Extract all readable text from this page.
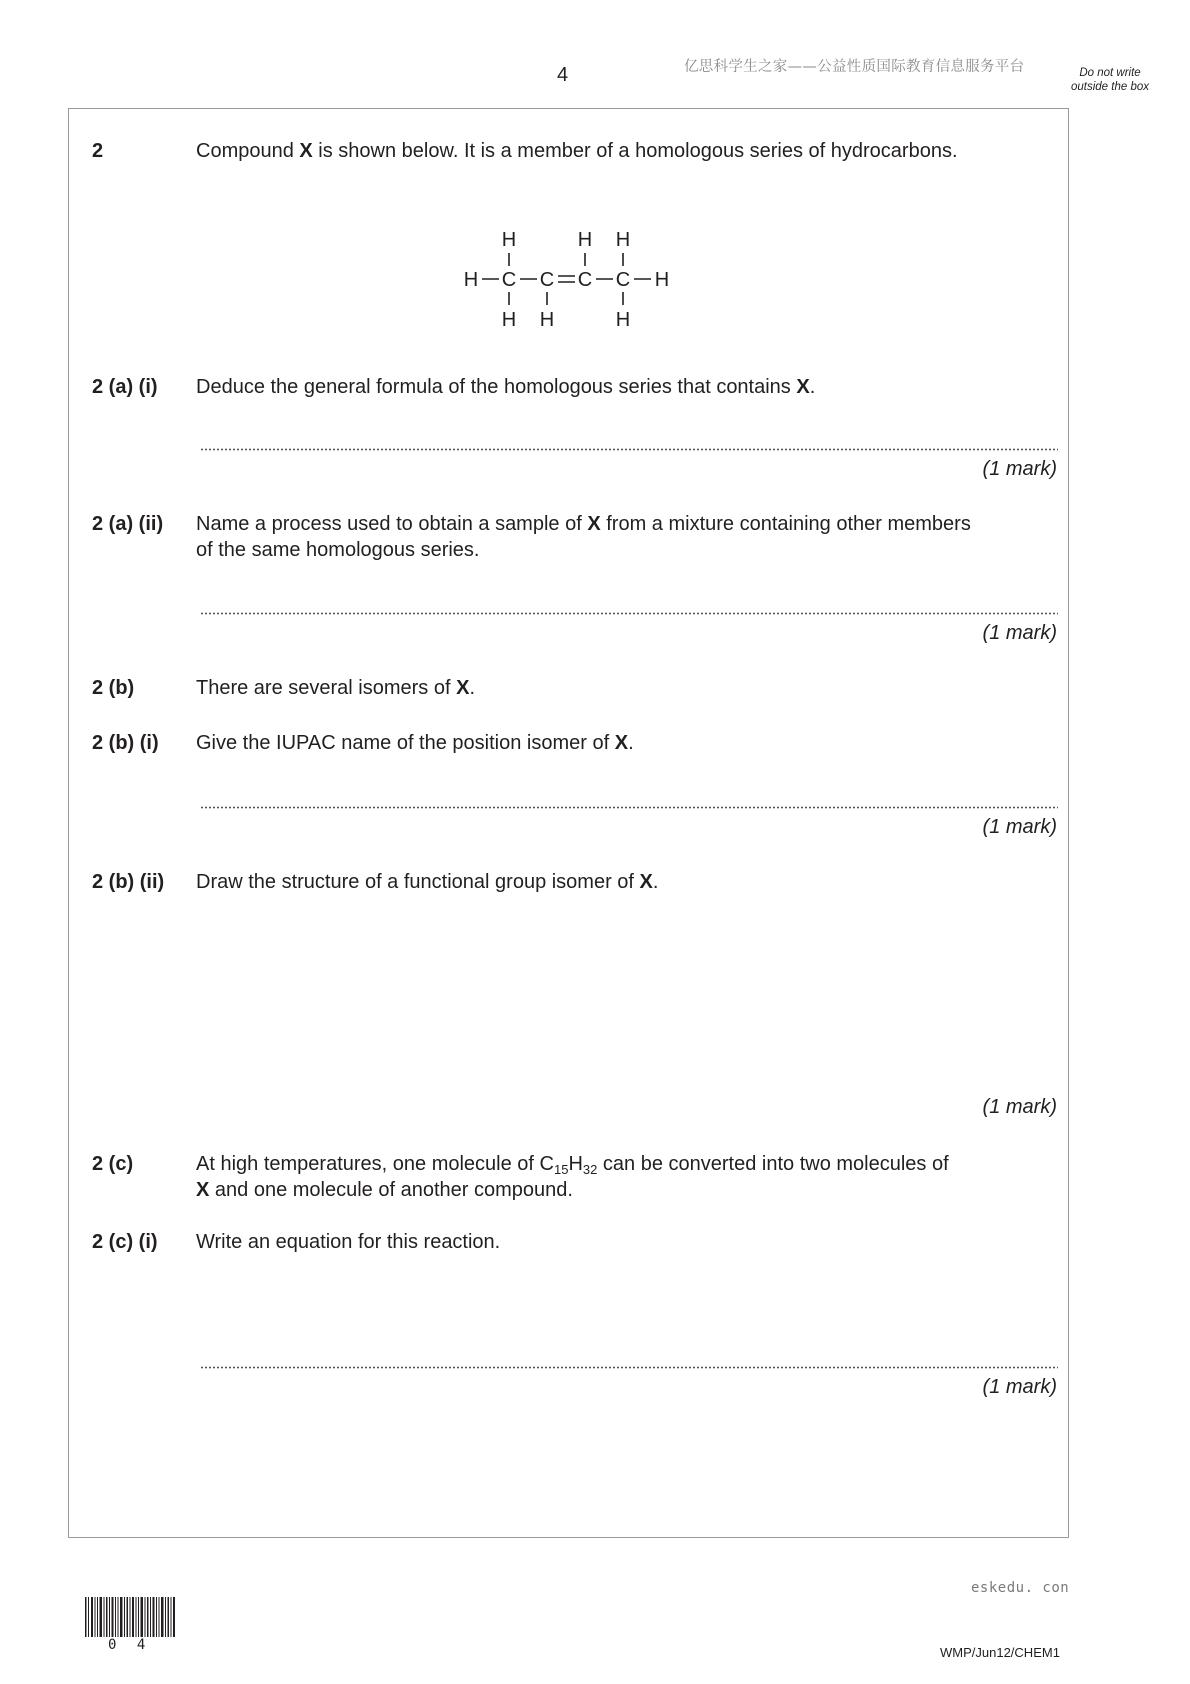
4	亿思科学生之家——公益性质国际教育信息服务平台	Do not write outside the box
2	Compound X is shown below. It is a member of a homologous series of hydrocarbons.
H	H H
H C C C C H
H H	H
2 (a) (i) Deduce the general formula of the homologous series that contains X.
(1 mark)
2 (a) (ii) Name a process used to obtain a sample of X from a mixture containing other members of the same homologous series.
(1 mark)
2 (b)	There are several isomers of X.
2 (b) (i) Give the IUPAC name of the position isomer of X.
(1 mark)
2 (b) (ii) Draw the structure of a functional group isomer of X.
(1 mark)
2 (c)	At high temperatures, one molecule of $C_{15}H_{32}$ can be converted into two molecules of
X and one molecule of another compound.
2 (c) (i) Write an equation for this reaction.
(1 mark)
eskedu. con
0 4	WMP/Jun12/CHEM1
